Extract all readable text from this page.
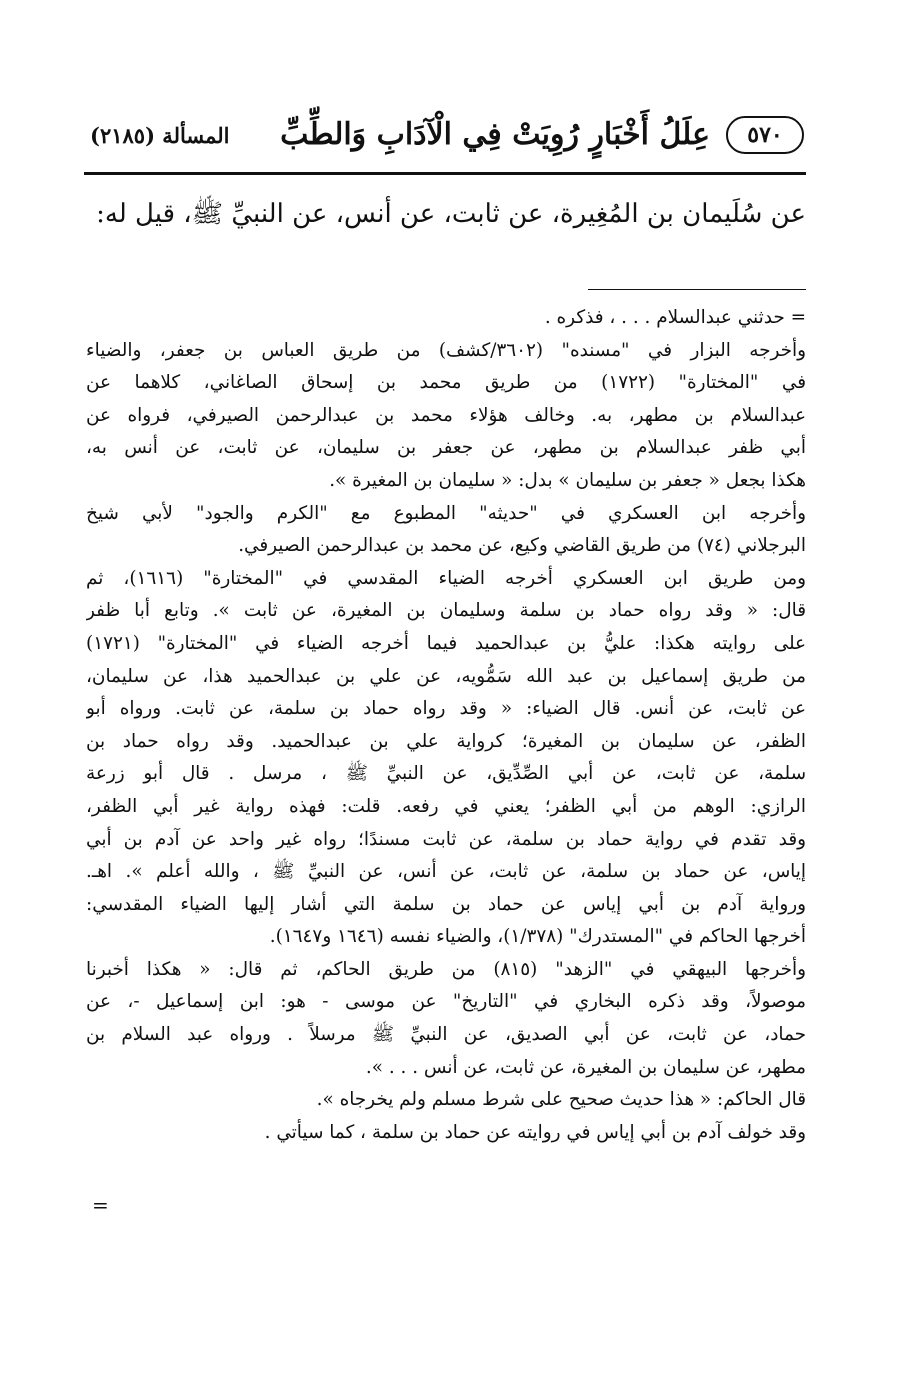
٥٧٠
عِلَلُ أَخْبَارٍ رُوِيَتْ فِي الْآدَابِ وَالطِّبِّ
المسألة (٢١٨٥)
عن سُلَيمان بن المُغِيرة، عن ثابت، عن أنس، عن النبيِّ ﷺ، قيل له:
= حدثني عبدالسلام . . . ، فذكره .
وأخرجه البزار في "مسنده" (٣٦٠٢/كشف) من طريق العباس بن جعفر، والضياء
في "المختارة" (١٧٢٢) من طريق محمد بن إسحاق الصاغاني، كلاهما عن
عبدالسلام بن مطهر، به. وخالف هؤلاء محمد بن عبدالرحمن الصيرفي، فرواه عن
أبي ظفر عبدالسلام بن مطهر، عن جعفر بن سليمان، عن ثابت، عن أنس به،
هكذا بجعل « جعفر بن سليمان » بدل: « سليمان بن المغيرة ».
وأخرجه ابن العسكري في "حديثه" المطبوع مع "الكرم والجود" لأبي شيخ
البرجلاني (٧٤) من طريق القاضي وكيع، عن محمد بن عبدالرحمن الصيرفي.
ومن طريق ابن العسكري أخرجه الضياء المقدسي في "المختارة" (١٦١٦)، ثم
قال: « وقد رواه حماد بن سلمة وسليمان بن المغيرة، عن ثابت ». وتابع أبا ظفر
على روايته هكذا: عليُّ بن عبدالحميد فيما أخرجه الضياء في "المختارة" (١٧٢١)
من طريق إسماعيل بن عبد الله سَمُّويه، عن علي بن عبدالحميد هذا، عن سليمان،
عن ثابت، عن أنس. قال الضياء: « وقد رواه حماد بن سلمة، عن ثابت. ورواه أبو
الظفر، عن سليمان بن المغيرة؛ كرواية علي بن عبدالحميد. وقد رواه حماد بن
سلمة، عن ثابت، عن أبي الصِّدِّيق، عن النبيِّ ﷺ ، مرسل . قال أبو زرعة
الرازي: الوهم من أبي الظفر؛ يعني في رفعه. قلت: فهذه رواية غير أبي الظفر،
وقد تقدم في رواية حماد بن سلمة، عن ثابت مسندًا؛ رواه غير واحد عن آدم بن أبي
إياس، عن حماد بن سلمة، عن ثابت، عن أنس، عن النبيِّ ﷺ ، والله أعلم ». اهـ.
ورواية آدم بن أبي إياس عن حماد بن سلمة التي أشار إليها الضياء المقدسي:
أخرجها الحاكم في "المستدرك" (١/٣٧٨)، والضياء نفسه (١٦٤٦ و١٦٤٧).
وأخرجها البيهقي في "الزهد" (٨١٥) من طريق الحاكم، ثم قال: « هكذا أخبرنا
موصولاً، وقد ذكره البخاري في "التاريخ" عن موسى - هو: ابن إسماعيل -، عن
حماد، عن ثابت، عن أبي الصديق، عن النبيِّ ﷺ مرسلاً . ورواه عبد السلام بن
مطهر، عن سليمان بن المغيرة، عن ثابت، عن أنس . . . ».
قال الحاكم: « هذا حديث صحيح على شرط مسلم ولم يخرجاه ».
وقد خولف آدم بن أبي إياس في روايته عن حماد بن سلمة ، كما سيأتي .
=
